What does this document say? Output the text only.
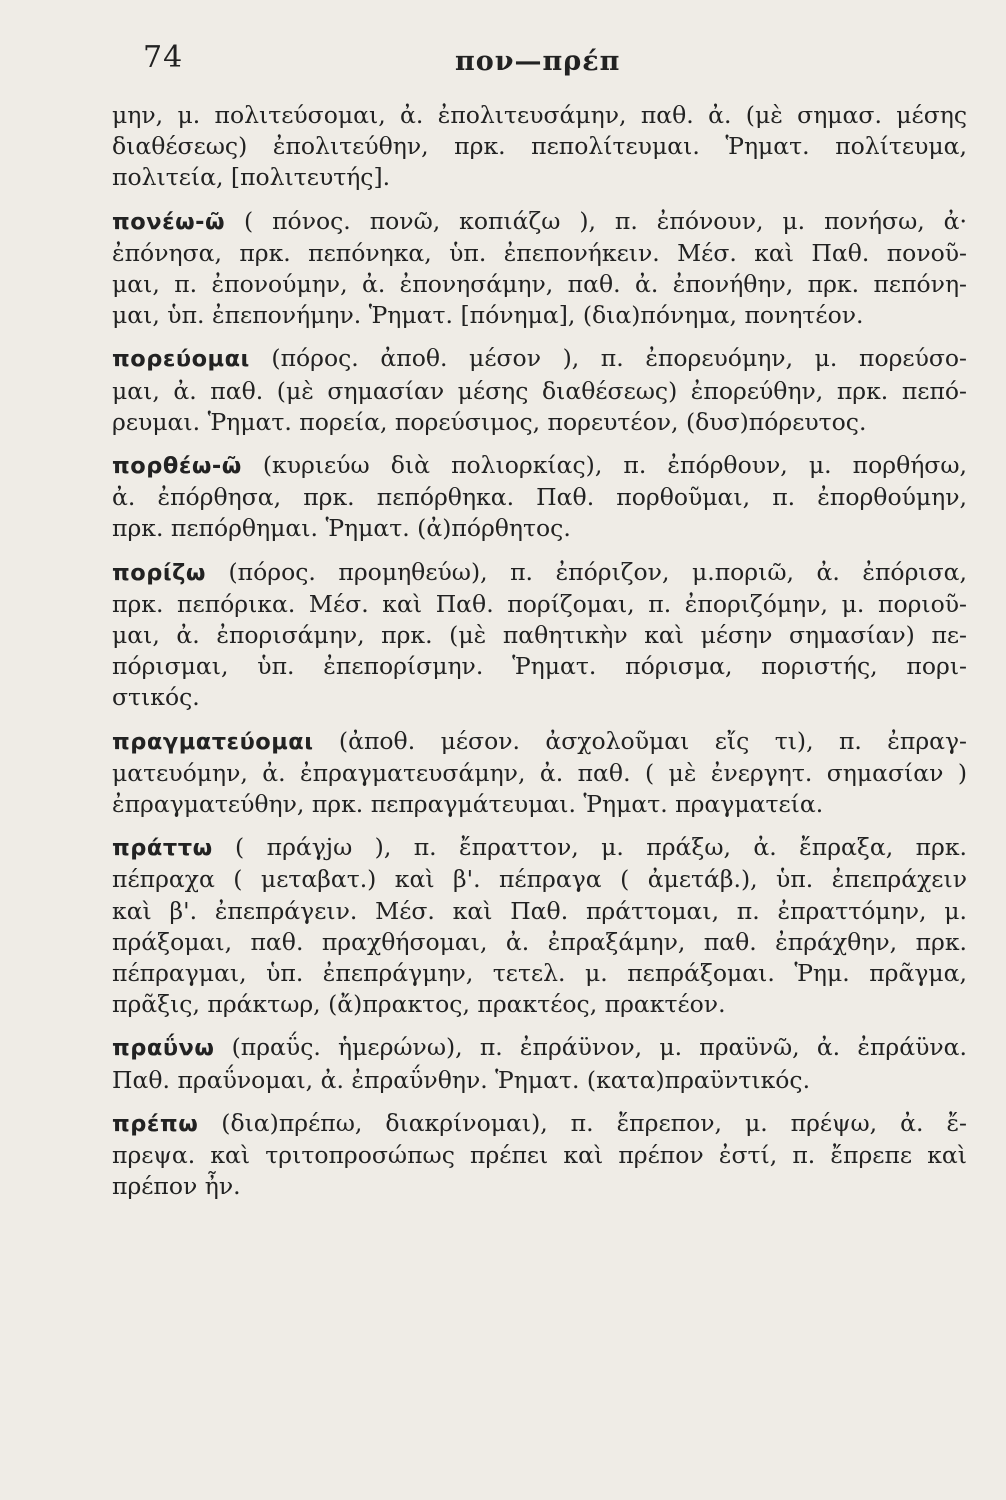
74	πον—πρέπ
μην, μ. πολιτεύσομαι, ἀ. ἐπολιτευσάμην, παθ. ἀ. (μὲ σημασ. μέσης
διαθέσεως) ἐπολιτεύθην, πρκ. πεπολίτευμαι. Ῥηματ. πολίτευμα,
πολιτεία, [πολιτευτής].
πονέω-ῶ ( πόνος. πονῶ, κοπιάζω ), π. ἐπόνουν, μ. πονήσω, ἀ·
ἐπόνησα, πρκ. πεπόνηκα, ὑπ. ἐπεπονήκειν. Μέσ. καὶ Παθ. πονοῦ-
μαι, π. ἐπονούμην, ἀ. ἐπονησάμην, παθ. ἀ. ἐπονήθην, πρκ. πεπόνη-
μαι, ὑπ. ἐπεπονήμην. Ῥηματ. [πόνημα], (δια)πόνημα, πονητέον.
πορεύομαι (πόρος. ἀποθ. μέσον ), π. ἐπορευόμην, μ. πορεύσο-
μαι, ἀ. παθ. (μὲ σημασίαν μέσης διαθέσεως) ἐπορεύθην, πρκ. πεπό-
ρευμαι. Ῥηματ. πορεία, πορεύσιμος, πορευτέον, (δυσ)πόρευτος.
πορθέω-ῶ (κυριεύω διὰ πολιορκίας), π. ἐπόρθουν, μ. πορθήσω,
ἀ. ἐπόρθησα, πρκ. πεπόρθηκα. Παθ. πορθοῦμαι, π. ἐπορθούμην,
πρκ. πεπόρθημαι. Ῥηματ. (ἀ)πόρθητος.
πορίζω (πόρος. προμηθεύω), π. ἐπόριζον, μ.ποριῶ, ἀ. ἐπόρισα,
πρκ. πεπόρικα. Μέσ. καὶ Παθ. πορίζομαι, π. ἐποριζόμην, μ. ποριοῦ-
μαι, ἀ. ἐπορισάμην, πρκ. (μὲ παθητικὴν καὶ μέσην σημασίαν) πε-
πόρισμαι, ὑπ. ἐπεπορίσμην. Ῥηματ. πόρισμα, ποριστής, πορι-
στικός.
πραγματεύομαι (ἀποθ. μέσον. ἀσχολοῦμαι εἴς τι), π. ἐπραγ-
ματευόμην, ἀ. ἐπραγματευσάμην, ἀ. παθ. ( μὲ ἐνεργητ. σημασίαν )
ἐπραγματεύθην, πρκ. πεπραγμάτευμαι. Ῥηματ. πραγματεία.
πράττω ( πράγjω ), π. ἔπραττον, μ. πράξω, ἀ. ἔπραξα, πρκ.
πέπραχα ( μεταβατ.) καὶ β'. πέπραγα ( ἀμετάβ.), ὑπ. ἐπεπράχειν
καὶ β'. ἐπεπράγειν. Μέσ. καὶ Παθ. πράττομαι, π. ἐπραττόμην, μ.
πράξομαι, παθ. πραχθήσομαι, ἀ. ἐπραξάμην, παθ. ἐπράχθην, πρκ.
πέπραγμαι, ὑπ. ἐπεπράγμην, τετελ. μ. πεπράξομαι. Ῥημ. πρᾶγμα,
πρᾶξις, πράκτωρ, (ἄ)πρακτος, πρακτέος, πρακτέον.
πραΰνω (πραΰς. ἡμερώνω), π. ἐπράϋνον, μ. πραϋνῶ, ἀ. ἐπράϋνα.
Παθ. πραΰνομαι, ἀ. ἐπραΰνθην. Ῥηματ. (κατα)πραϋντικός.
πρέπω (δια)πρέπω, διακρίνομαι), π. ἔπρεπον, μ. πρέψω, ἀ. ἔ-
πρεψα. καὶ τριτοπροσώπως πρέπει καὶ πρέπον ἐστί, π. ἔπρεπε καὶ
πρέπον ἦν.
